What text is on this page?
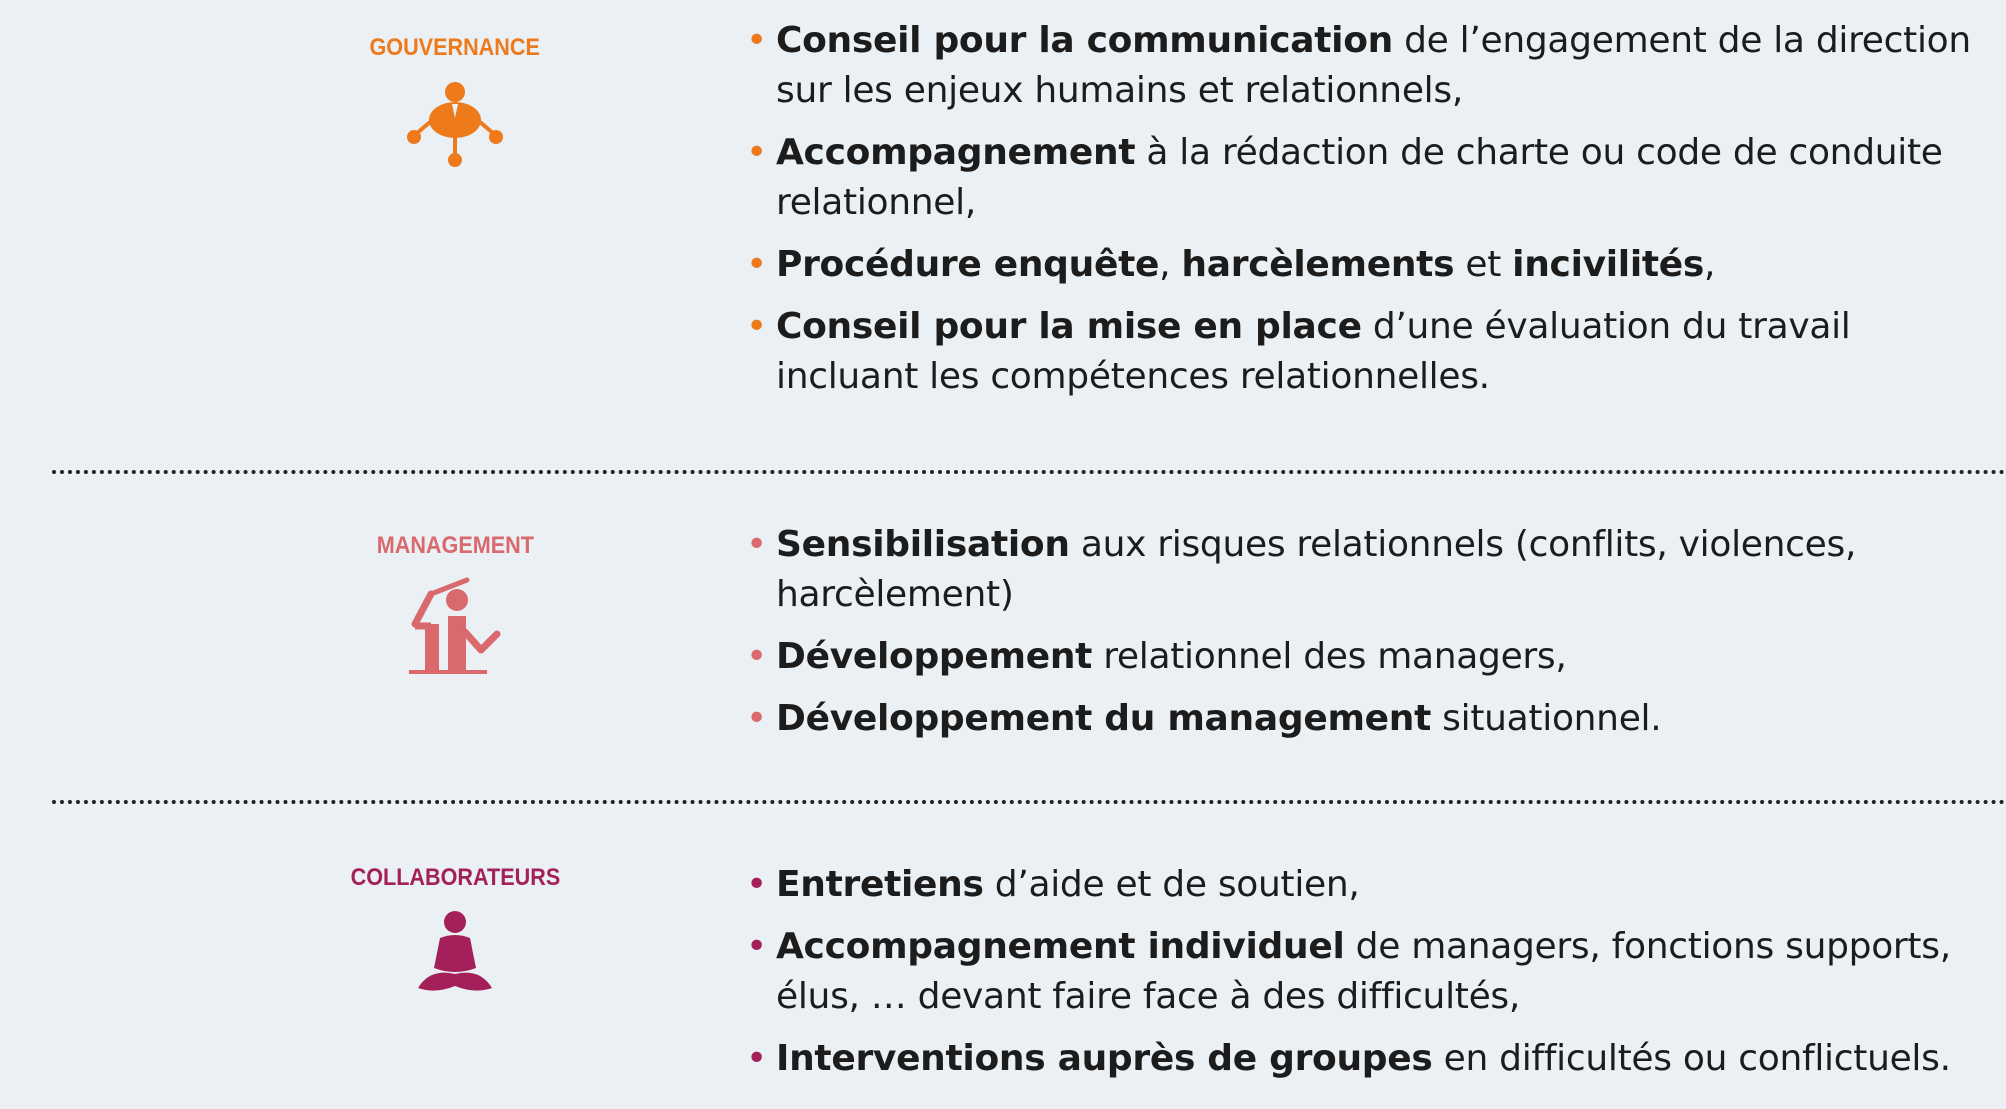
GOUVERNANCE	• Conseil pour la communication de l’engagement de la direction sur les enjeux humains et relationnels,
• Accompagnement à la rédaction de charte ou code de conduite relationnel,
• Procédure enquête, harcèlements et incivilités,
• Conseil pour la mise en place d’une évaluation du travail incluant les compétences relationnelles.
MANAGEMENT	• Sensibilisation aux risques relationnels (conflits, violences, harcèlement)
• Développement relationnel des managers,
• Développement du management situationnel.
COLLABORATEURS	• Entretiens d’aide et de soutien,
• Accompagnement individuel de managers, fonctions supports, élus, … devant faire face à des difficultés,
• Interventions auprès de groupes en difficultés ou conflictuels.
